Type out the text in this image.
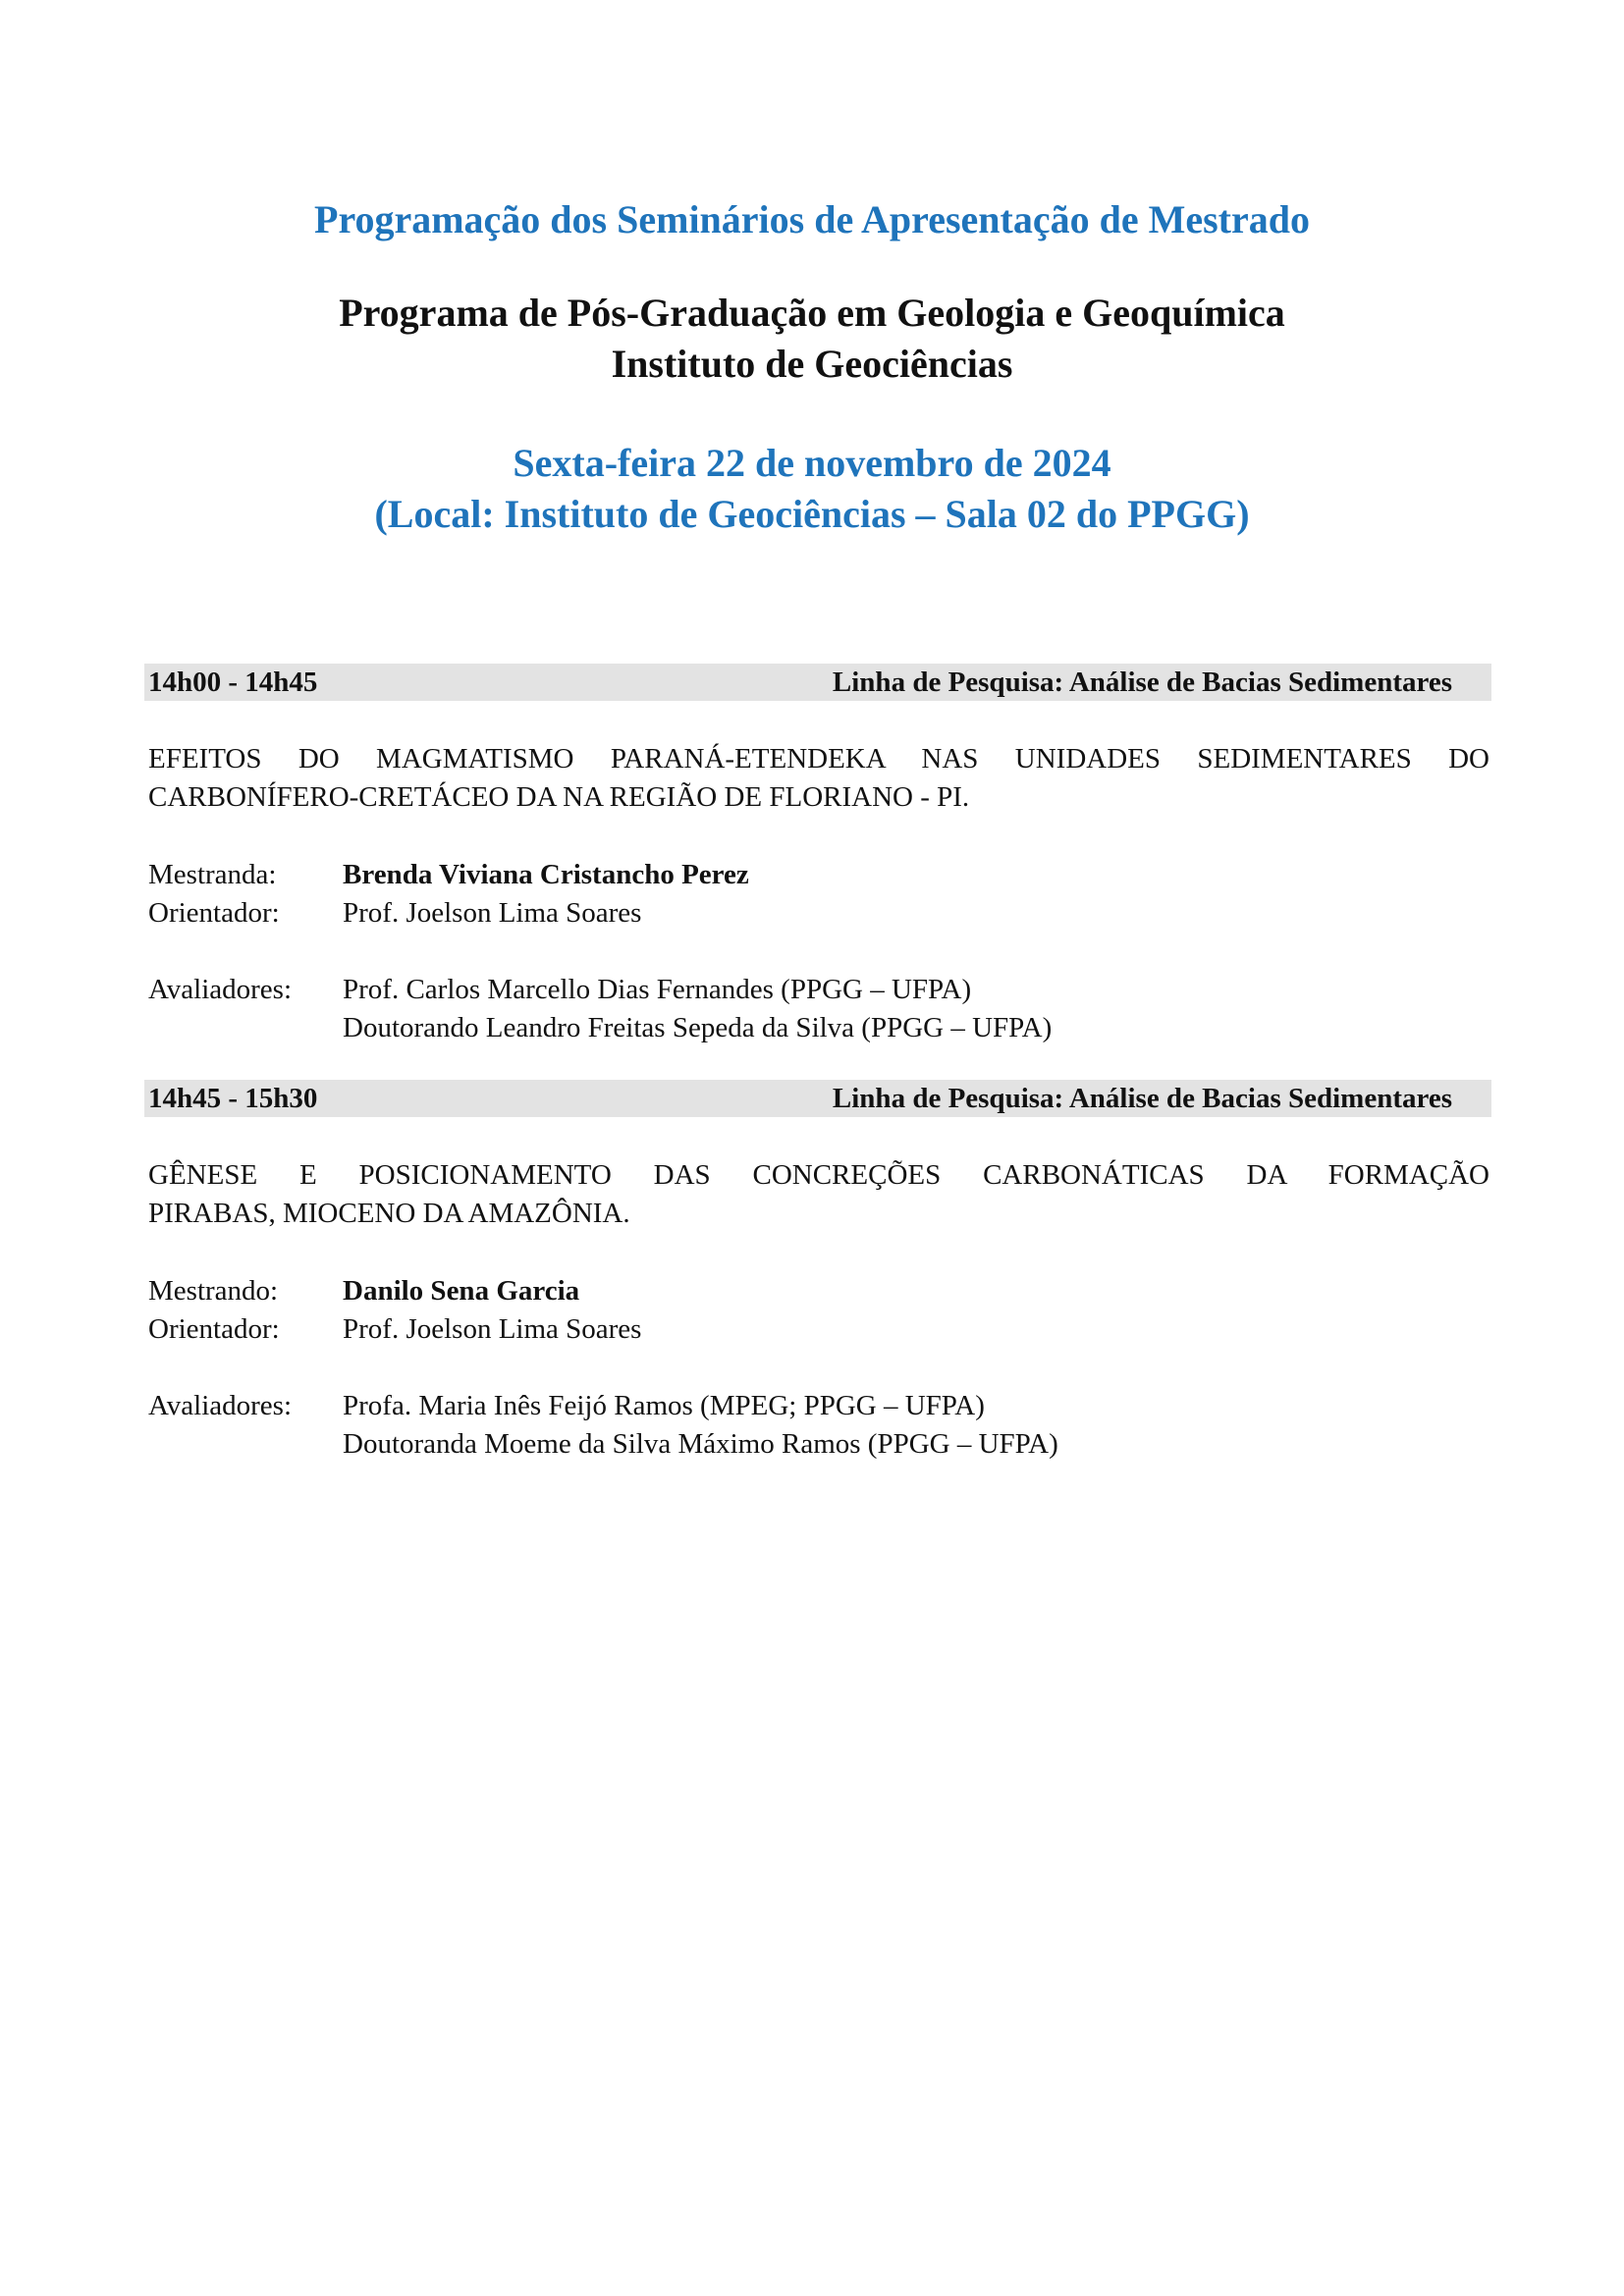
Programação dos Seminários de Apresentação de Mestrado
Programa de Pós-Graduação em Geologia e Geoquímica
Instituto de Geociências
Sexta-feira 22 de novembro de 2024
(Local: Instituto de Geociências – Sala 02 do PPGG)
14h00 - 14h45	Linha de Pesquisa: Análise de Bacias Sedimentares
EFEITOS DO MAGMATISMO PARANÁ-ETENDEKA NAS UNIDADES SEDIMENTARES DO
CARBONÍFERO-CRETÁCEO DA NA REGIÃO DE FLORIANO - PI.
Mestranda: Brenda Viviana Cristancho Perez
Orientador: Prof. Joelson Lima Soares
Avaliadores: Prof. Carlos Marcello Dias Fernandes (PPGG – UFPA)
Doutorando Leandro Freitas Sepeda da Silva (PPGG – UFPA)
14h45 - 15h30	Linha de Pesquisa: Análise de Bacias Sedimentares
GÊNESE E POSICIONAMENTO DAS CONCREÇÕES CARBONÁTICAS DA FORMAÇÃO
PIRABAS, MIOCENO DA AMAZÔNIA.
Mestrando: Danilo Sena Garcia
Orientador: Prof. Joelson Lima Soares
Avaliadores: Profa. Maria Inês Feijó Ramos (MPEG; PPGG – UFPA)
Doutoranda Moeme da Silva Máximo Ramos (PPGG – UFPA)
